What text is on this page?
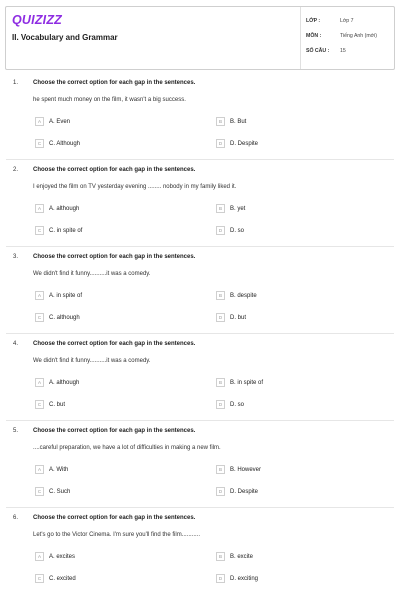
QUIZIZZ
II. Vocabulary and Grammar
LỚP :	Lớp 7
MÔN :	Tiếng Anh (mới)
SỐ CÂU : 15
1. Choose the correct option for each gap in the sentences.
he spent much money on the film, it wasn't a big success.
A	A. Even	B	B. But
C	C. Although	D	D. Despite
2. Choose the correct option for each gap in the sentences.
I enjoyed the film on TV yesterday evening ........ nobody in my family liked it.
A	A. although	B	B. yet
C	C. in spite of	D	D. so
3. Choose the correct option for each gap in the sentences.
We didn't find it funny..........it was a comedy.
A	A. in spite of	B	B. despite
C	C. although	D	D. but
4. Choose the correct option for each gap in the sentences.
We didn't find it funny..........it was a comedy.
A	A. although	B	B. in spite of
C	C. but	D	D. so
5. Choose the correct option for each gap in the sentences.
....careful preparation, we have a lot of difficulties in making a new film.
A	A. With	B	B. However
C	C. Such	D	D. Despite
6. Choose the correct option for each gap in the sentences.
Let's go to the Victor Cinema. I'm sure you'll find the film...........
A	A. excites	B	B. excite
C	C. excited	D	D. exciting
